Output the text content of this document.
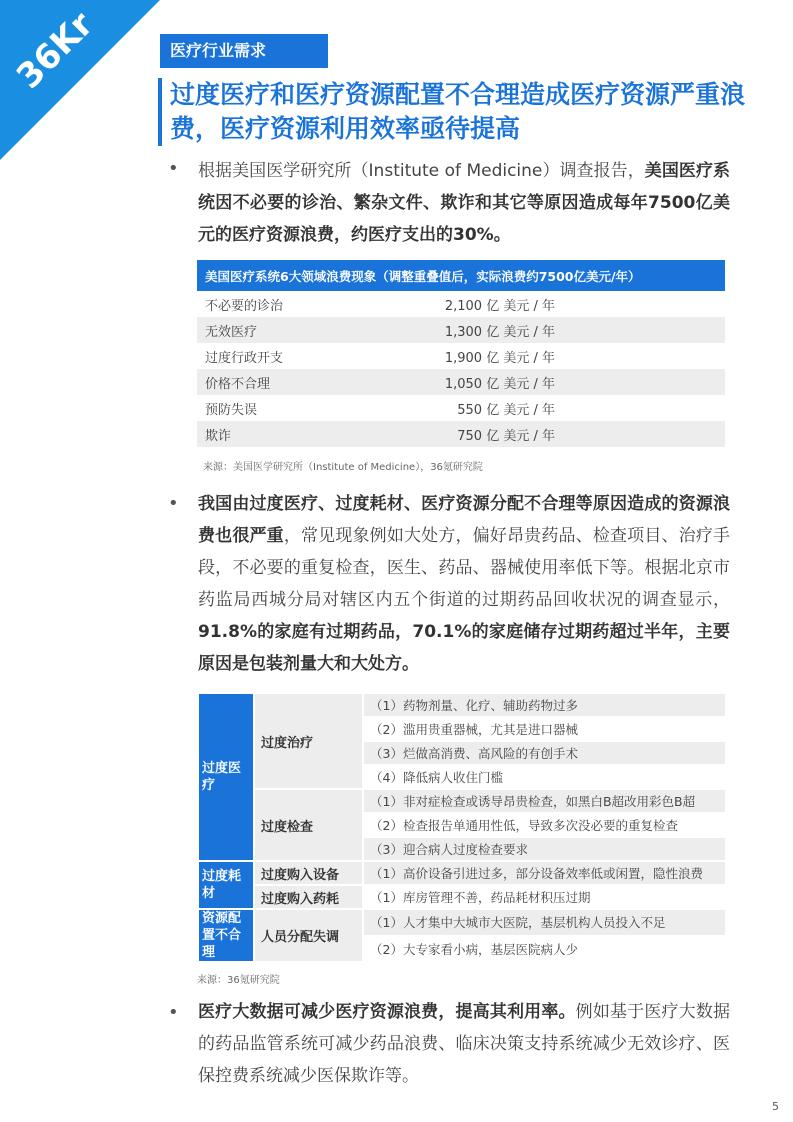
36Kr	医疗行业需求
过度医疗和医疗资源配置不合理造成医疗资源严重浪费，医疗资源利用效率亟待提高
• 根据美国医学研究所（Institute of Medicine）调查报告，美国医疗系统因不必要的诊治、繁杂文件、欺诈和其它等原因造成每年7500亿美元的医疗资源浪费，约医疗支出的30%。

美国医疗系统6大领域浪费现象（调整重叠值后，实际浪费约7500亿美元/年）	
不必要的诊治	2,100 亿 美元 / 年
无效医疗	1,300 亿 美元 / 年
过度行政开支	1,900 亿 美元 / 年
价格不合理	1,050 亿 美元 / 年
预防失误	550 亿 美元 / 年
欺诈	750 亿 美元 / 年
来源：美国医学研究所（Institute of Medicine），36氪研究院
• 我国由过度医疗、过度耗材、医疗资源分配不合理等原因造成的资源浪费也很严重，常见现象例如大处方，偏好昂贵药品、检查项目、治疗手段，不必要的重复检查，医生、药品、器械使用率低下等。根据北京市药监局西城分局对辖区内五个街道的过期药品回收状况的调查显示，91.8%的家庭有过期药品，70.1%的家庭储存过期药超过半年，主要原因是包装剂量大和大处方。

过度医疗	过度治疗	（1）药物剂量、化疗、辅助药物过多
		（2）滥用贵重器械，尤其是进口器械
		（3）烂做高消费、高风险的有创手术
		（4）降低病人收住门槛
	过度检查	（1）非对症检查或诱导昂贵检查，如黑白B超改用彩色B超
		（2）检查报告单通用性低，导致多次没必要的重复检查
		（3）迎合病人过度检查要求
过度耗材	过度购入设备	（1）高价设备引进过多，部分设备效率低或闲置，隐性浪费
	过度购入药耗	（1）库房管理不善，药品耗材积压过期
资源配置不合理	人员分配失调	（1）人才集中大城市大医院，基层机构人员投入不足
		（2）大专家看小病，基层医院病人少
来源：36氪研究院
• 医疗大数据可减少医疗资源浪费，提高其利用率。例如基于医疗大数据的药品监管系统可减少药品浪费、临床决策支持系统减少无效诊疗、医保控费系统减少医保欺诈等。

5
